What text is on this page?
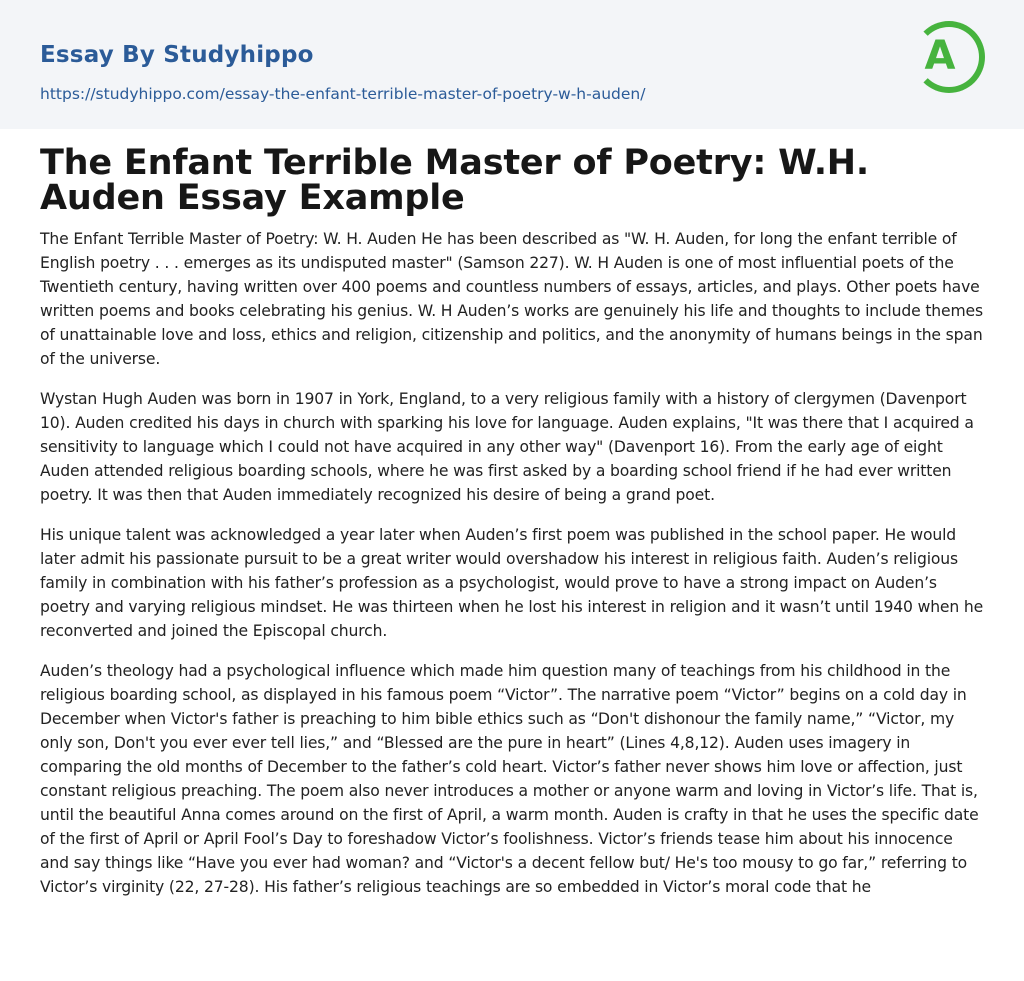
Essay By Studyhippo
https://studyhippo.com/essay-the-enfant-terrible-master-of-poetry-w-h-auden/
A
The Enfant Terrible Master of Poetry: W.H. Auden Essay Example

The Enfant Terrible Master of Poetry: W. H. Auden He has been described as "W. H. Auden, for long the enfant terrible of English poetry . . . emerges as its undisputed master" (Samson 227). W. H Auden is one of most influential poets of the Twentieth century, having written over 400 poems and countless numbers of essays, articles, and plays. Other poets have written poems and books celebrating his genius. W. H Auden’s works are genuinely his life and thoughts to include themes of unattainable love and loss, ethics and religion, citizenship and politics, and the anonymity of humans beings in the span of the universe.

Wystan Hugh Auden was born in 1907 in York, England, to a very religious family with a history of clergymen (Davenport 10). Auden credited his days in church with sparking his love for language. Auden explains, "It was there that I acquired a sensitivity to language which I could not have acquired in any other way" (Davenport 16). From the early age of eight Auden attended religious boarding schools, where he was first asked by a boarding school friend if he had ever written poetry. It was then that Auden immediately recognized his desire of being a grand poet.

His unique talent was acknowledged a year later when Auden’s first poem was published in the school paper. He would later admit his passionate pursuit to be a great writer would overshadow his interest in religious faith. Auden’s religious family in combination with his father’s profession as a psychologist, would prove to have a strong impact on Auden’s poetry and varying religious mindset. He was thirteen when he lost his interest in religion and it wasn’t until 1940 when he reconverted and joined the Episcopal church.

Auden’s theology had a psychological influence which made him question many of teachings from his childhood in the religious boarding school, as displayed in his famous poem “Victor”. The narrative poem “Victor” begins on a cold day in December when Victor's father is preaching to him bible ethics such as “Don't dishonour the family name,” “Victor, my only son, Don't you ever ever tell lies,” and “Blessed are the pure in heart” (Lines 4,8,12). Auden uses imagery in comparing the old months of December to the father’s cold heart. Victor’s father never shows him love or affection, just constant religious preaching. The poem also never introduces a mother or anyone warm and loving in Victor’s life. That is, until the beautiful Anna comes around on the first of April, a warm month. Auden is crafty in that he uses the specific date of the first of April or April Fool’s Day to foreshadow Victor’s foolishness. Victor’s friends tease him about his innocence and say things like “Have you ever had woman? and “Victor's a decent fellow but/ He's too mousy to go far,” referring to Victor’s virginity (22, 27-28). His father’s religious teachings are so embedded in Victor’s moral code that he
